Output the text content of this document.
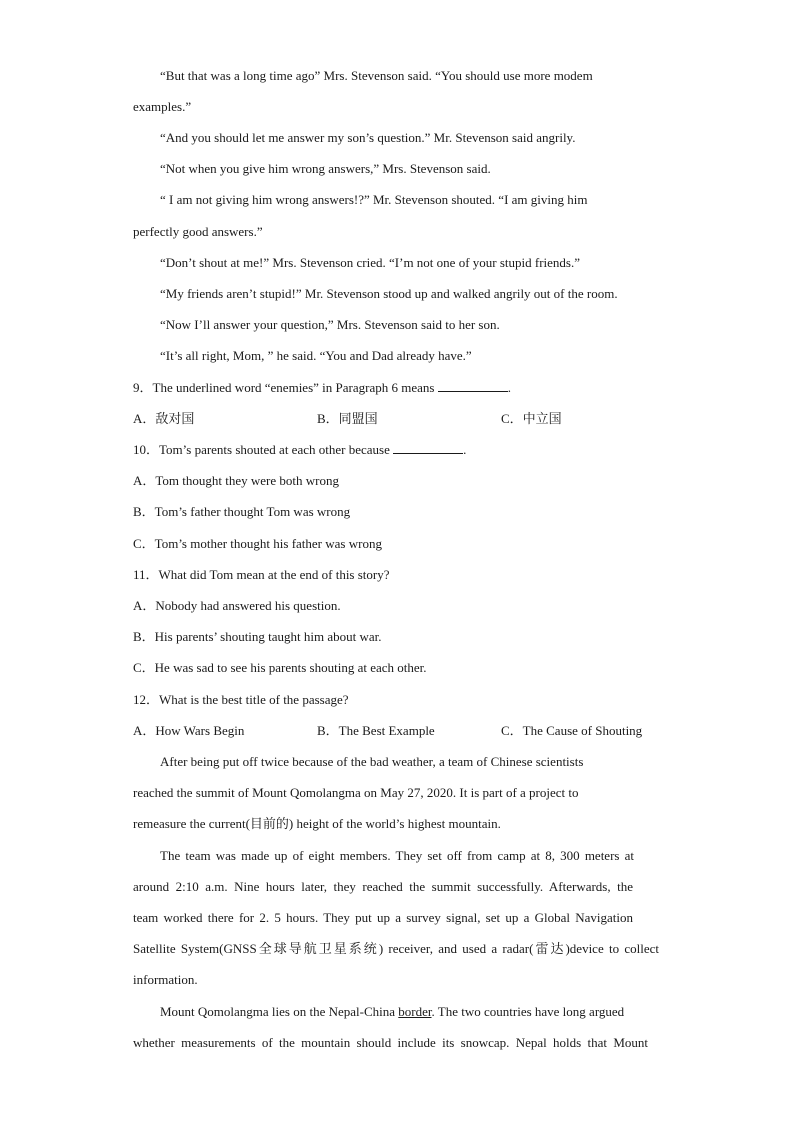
“But that was a long time ago” Mrs. Stevenson said. “You should use more modem
examples.”
“And you should let me answer my son’s question.” Mr. Stevenson said angrily.
“Not when you give him wrong answers,” Mrs. Stevenson said.
“ I am not giving him wrong answers!?” Mr. Stevenson shouted. “I am giving him
perfectly good answers.”
“Don’t shout at me!” Mrs. Stevenson cried. “I’m not one of your stupid friends.”
“My friends aren’t stupid!” Mr. Stevenson stood up and walked angrily out of the room.
“Now I’ll answer your question,” Mrs. Stevenson said to her son.
“It’s all right, Mom, ” he said. “You and Dad already have.”
9．The underlined word “enemies” in Paragraph 6 means	.
A．敌对国	B．同盟国	C．中立国
10．Tom’s parents shouted at each other because	.
A．Tom thought they were both wrong
B．Tom’s father thought Tom was wrong
C．Tom’s mother thought his father was wrong
11．What did Tom mean at the end of this story?
A．Nobody had answered his question.
B．His parents’ shouting taught him about war.
C．He was sad to see his parents shouting at each other.
12．What is the best title of the passage?
A．How Wars Begin	B．The Best Example	C．The Cause of Shouting
After being put off twice because of the bad weather, a team of Chinese scientists
reached the summit of Mount Qomolangma on May 27, 2020. It is part of a project to
remeasure the current(目前的) height of the world’s highest mountain.
The team was made up of eight members. They set off from camp at 8, 300 meters at
around 2:10 a.m. Nine hours later, they reached the summit successfully. Afterwards, the
team worked there for 2. 5 hours. They put up a survey signal, set up a Global Navigation
Satellite System(GNSS全球导航卫星系统) receiver, and used a radar(雷达)device to collect
information.
Mount Qomolangma lies on the Nepal-China border. The two countries have long argued
whether measurements of the mountain should include its snowcap. Nepal holds that Mount
